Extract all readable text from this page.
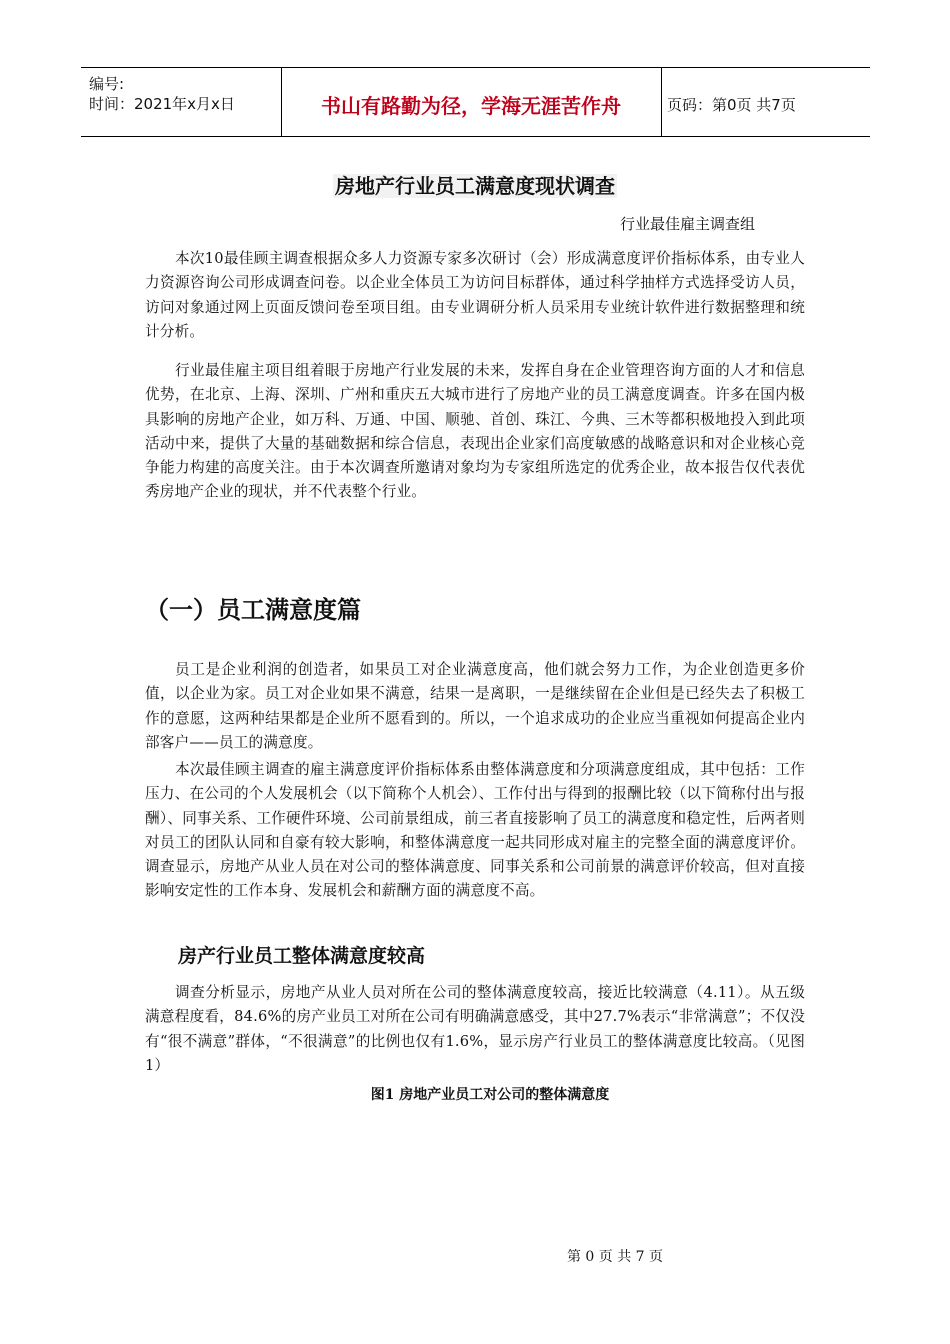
编号:
时间：2021年x月x日	书山有路勤为径，学海无涯苦作舟	页码：第0页 共7页
房地产行业员工满意度现状调查
行业最佳雇主调查组

本次10最佳顾主调查根据众多人力资源专家多次研讨（会）形成满意度评价指标体系，由专业人力资源咨询公司形成调查问卷。以企业全体员工为访问目标群体，通过科学抽样方式选择受访人员，访问对象通过网上页面反馈问卷至项目组。由专业调研分析人员采用专业统计软件进行数据整理和统计分析。

行业最佳雇主项目组着眼于房地产行业发展的未来，发挥自身在企业管理咨询方面的人才和信息优势，在北京、上海、深圳、广州和重庆五大城市进行了房地产业的员工满意度调查。许多在国内极具影响的房地产企业，如万科、万通、中国、顺驰、首创、珠江、今典、三木等都积极地投入到此项活动中来，提供了大量的基础数据和综合信息，表现出企业家们高度敏感的战略意识和对企业核心竞争能力构建的高度关注。由于本次调查所邀请对象均为专家组所选定的优秀企业，故本报告仅代表优秀房地产企业的现状，并不代表整个行业。

（一）员工满意度篇

员工是企业利润的创造者，如果员工对企业满意度高，他们就会努力工作，为企业创造更多价值，以企业为家。员工对企业如果不满意，结果一是离职，一是继续留在企业但是已经失去了积极工作的意愿，这两种结果都是企业所不愿看到的。所以，一个追求成功的企业应当重视如何提高企业内部客户——员工的满意度。

本次最佳顾主调查的雇主满意度评价指标体系由整体满意度和分项满意度组成，其中包括：工作压力、在公司的个人发展机会（以下简称个人机会）、工作付出与得到的报酬比较（以下简称付出与报酬）、同事关系、工作硬件环境、公司前景组成，前三者直接影响了员工的满意度和稳定性，后两者则对员工的团队认同和自豪有较大影响，和整体满意度一起共同形成对雇主的完整全面的满意度评价。调查显示，房地产从业人员在对公司的整体满意度、同事关系和公司前景的满意评价较高，但对直接影响安定性的工作本身、发展机会和薪酬方面的满意度不高。

房产行业员工整体满意度较高

调查分析显示，房地产从业人员对所在公司的整体满意度较高，接近比较满意（4.11）。从五级满意程度看，84.6%的房产业员工对所在公司有明确满意感受，其中27.7%表示“非常满意”；不仅没有“很不满意”群体，“不很满意”的比例也仅有1.6%，显示房产行业员工的整体满意度比较高。（见图1）

图1 房地产业员工对公司的整体满意度
第 0 页 共 7 页
